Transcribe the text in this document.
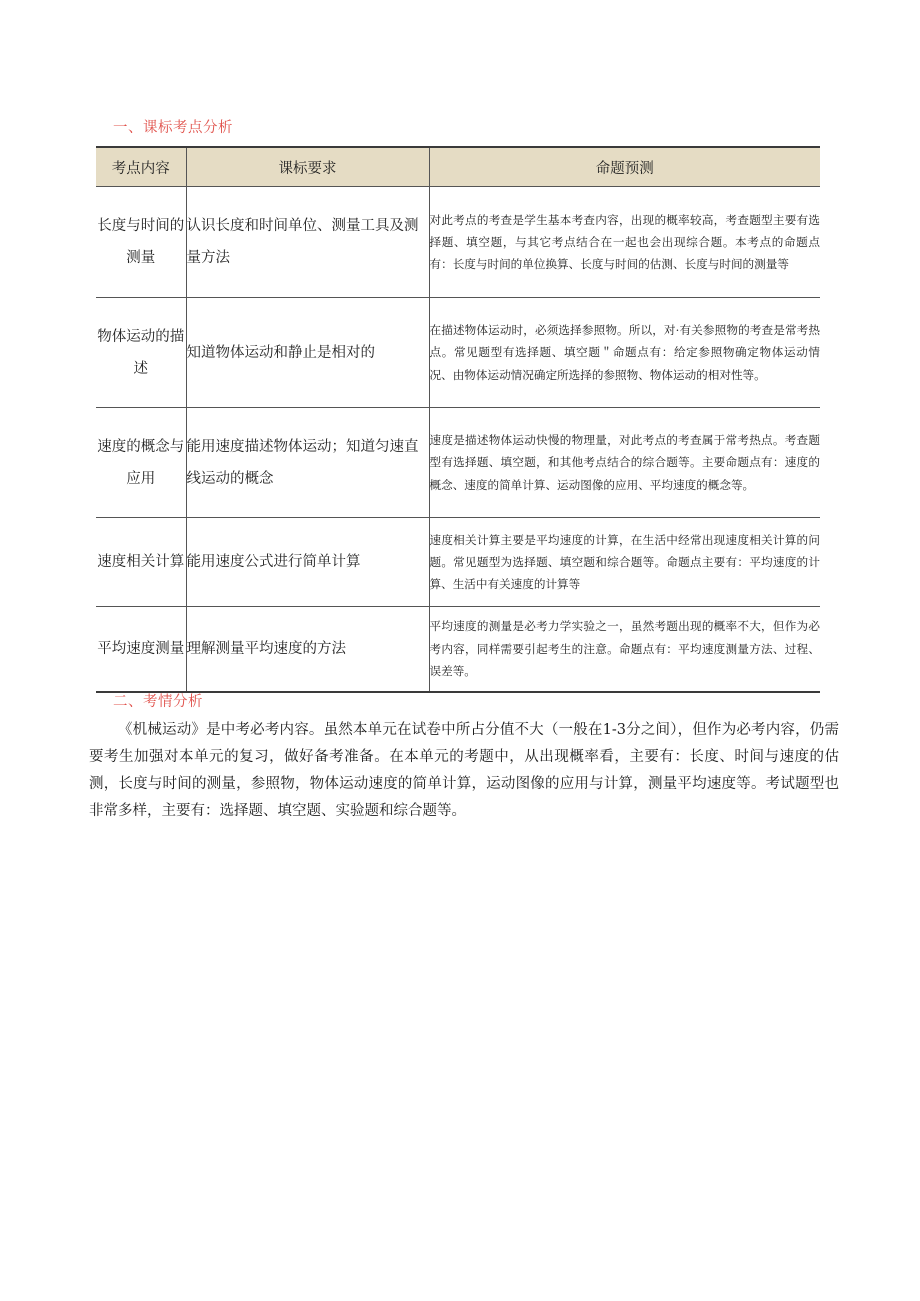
一、课标考点分析
考点内容	课标要求	命题预测
长度与时间的测量	认识长度和时间单位、测量工具及测量方法	对此考点的考查是学生基本考查内容，出现的概率较高，考查题型主要有选择题、填空题，与其它考点结合在一起也会出现综合题。本考点的命题点有：长度与时间的单位换算、长度与时间的估测、长度与时间的测量等
物体运动的描述	知道物体运动和静止是相对的	在描述物体运动时，必须选择参照物。所以，对·有关参照物的考查是常考热点。常见题型有选择题、填空题＂命题点有：给定参照物确定物体运动情况、由物体运动情况确定所选择的参照物、物体运动的相对性等。
速度的概念与应用	能用速度描述物体运动；知道匀速直线运动的概念	速度是描述物体运动快慢的物理量，对此考点的考查属于常考热点。考查题型有选择题、填空题，和其他考点结合的综合题等。主要命题点有：速度的概念、速度的简单计算、运动图像的应用、平均速度的概念等。
速度相关计算	能用速度公式进行简单计算	速度相关计算主要是平均速度的计算，在生活中经常出现速度相关计算的问题。常见题型为选择题、填空题和综合题等。命题点主要有：平均速度的计算、生活中有关速度的计算等
平均速度测量	理解测量平均速度的方法	平均速度的测量是必考力学实验之一，虽然考题出现的概率不大，但作为必考内容，同样需要引起考生的注意。命题点有：平均速度测量方法、过程、误差等。
二、考情分析
《机械运动》是中考必考内容。虽然本单元在试卷中所占分值不大（一般在1-3分之间），但作为必考内容，仍需要考生加强对本单元的复习，做好备考准备。在本单元的考题中，从出现概率看，主要有：长度、时间与速度的估测，长度与时间的测量，参照物，物体运动速度的简单计算，运动图像的应用与计算，测量平均速度等。考试题型也非常多样，主要有：选择题、填空题、实验题和综合题等。
